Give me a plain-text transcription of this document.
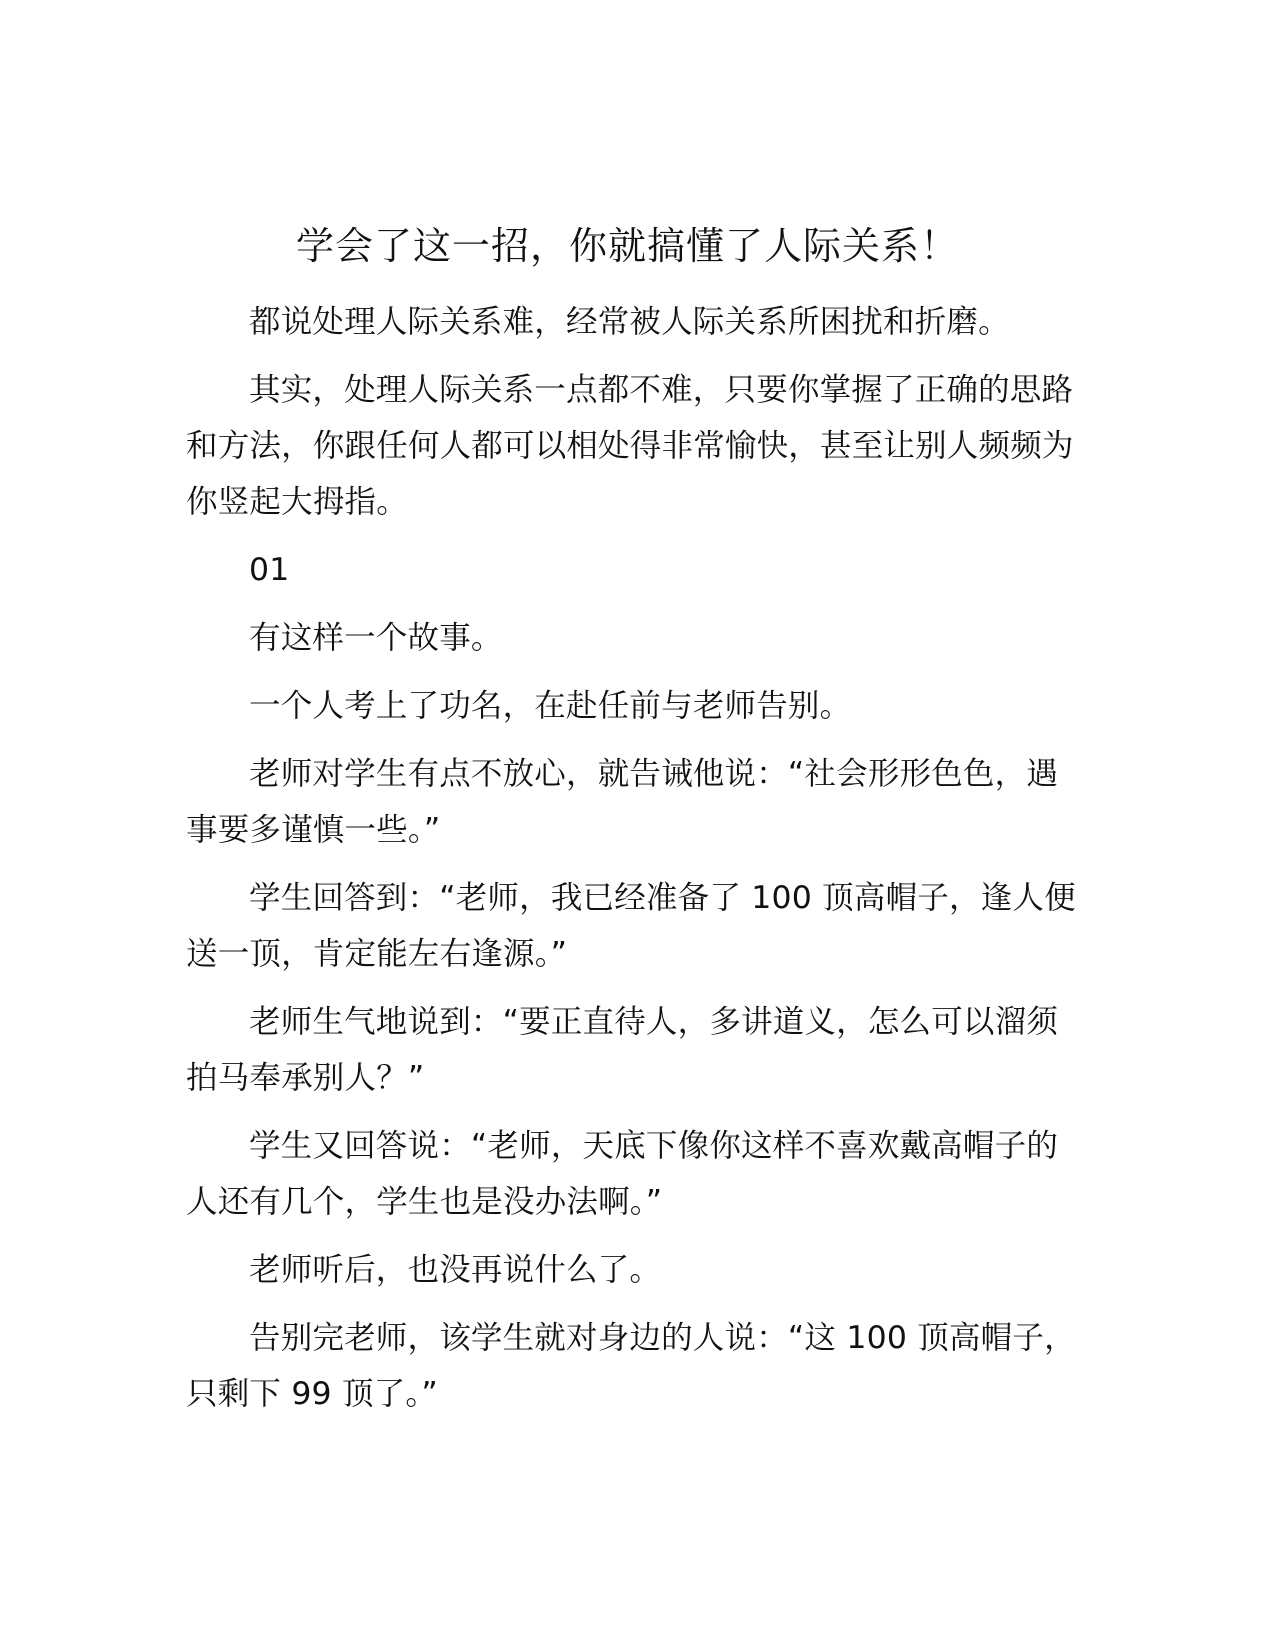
学会了这一招，你就搞懂了人际关系！

都说处理人际关系难，经常被人际关系所困扰和折磨。

其实，处理人际关系一点都不难，只要你掌握了正确的思路和方法，你跟任何人都可以相处得非常愉快，甚至让别人频频为你竖起大拇指。

01

有这样一个故事。

一个人考上了功名，在赴任前与老师告别。

老师对学生有点不放心，就告诫他说：“社会形形色色，遇事要多谨慎一些。”

学生回答到：“老师，我已经准备了 100 顶高帽子，逢人便送一顶，肯定能左右逢源。”

老师生气地说到：“要正直待人，多讲道义，怎么可以溜须拍马奉承别人？”

学生又回答说：“老师，天底下像你这样不喜欢戴高帽子的人还有几个，学生也是没办法啊。”

老师听后，也没再说什么了。

告别完老师，该学生就对身边的人说：“这 100 顶高帽子，只剩下 99 顶了。”
